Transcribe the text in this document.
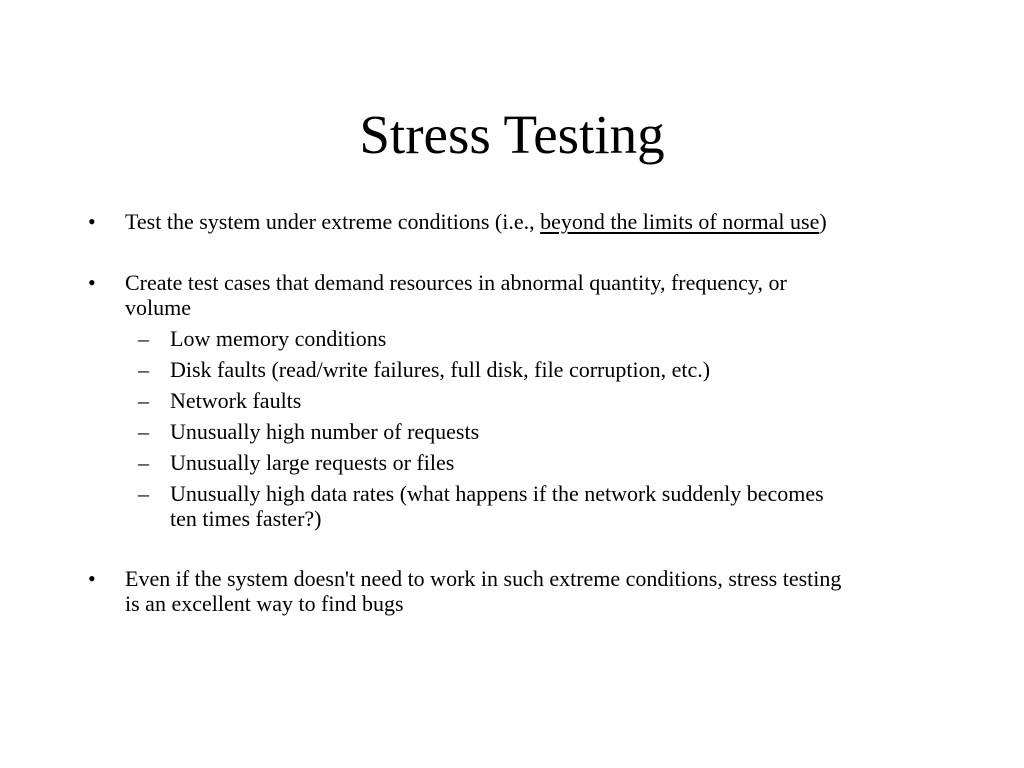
Stress Testing
•	Test the system under extreme conditions (i.e., beyond the limits of normal use)
•	Create test cases that demand resources in abnormal quantity, frequency, or
volume
– Low memory conditions
– Disk faults (read/write failures, full disk, file corruption, etc.)
– Network faults
– Unusually high number of requests
– Unusually large requests or files
– Unusually high data rates (what happens if the network suddenly becomes
ten times faster?)
•	Even if the system doesn't need to work in such extreme conditions, stress testing
is an excellent way to find bugs
